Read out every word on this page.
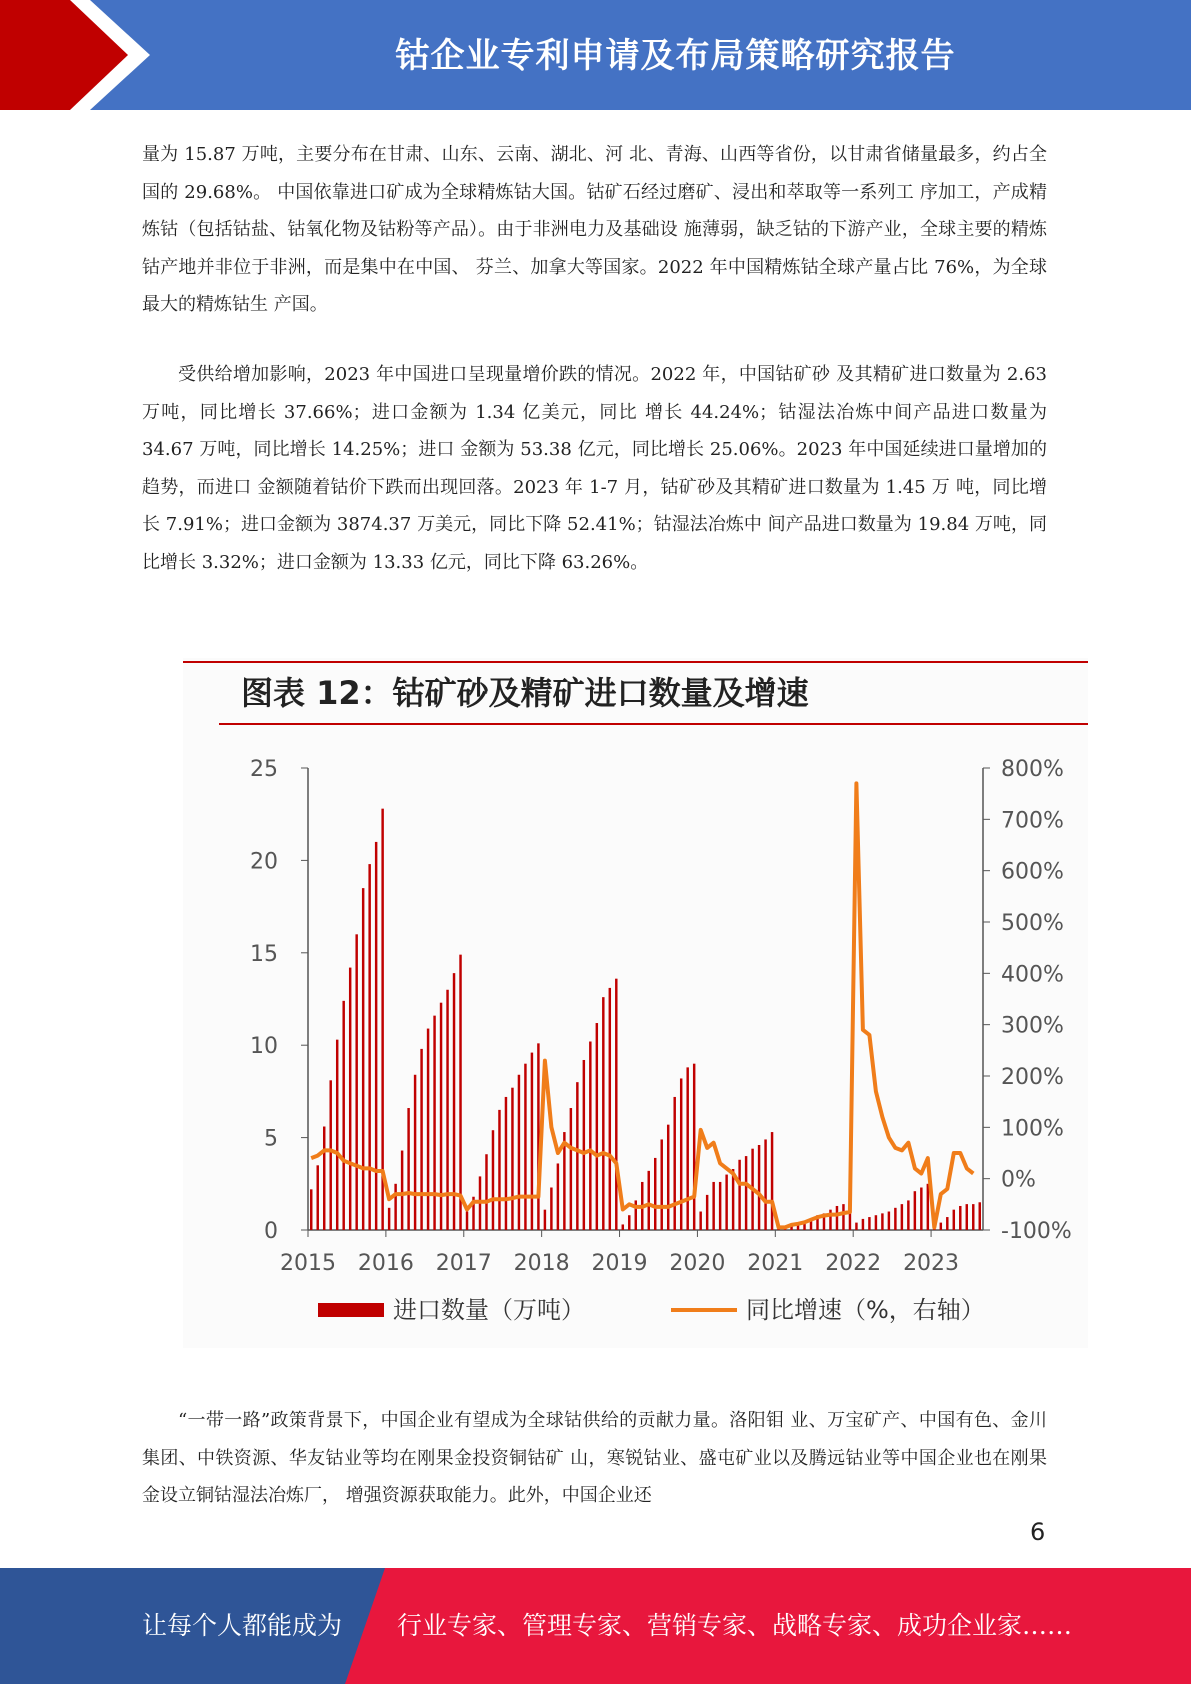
钴企业专利申请及布局策略研究报告

量为 15.87 万吨，主要分布在甘肃、山东、云南、湖北、河 北、青海、山西等省份，以甘肃省储量最多，约占全国的 29.68%。 中国依靠进口矿成为全球精炼钴大国。钴矿石经过磨矿、浸出和萃取等一系列工 序加工，产成精炼钴（包括钴盐、钴氧化物及钴粉等产品）。由于非洲电力及基础设 施薄弱，缺乏钴的下游产业，全球主要的精炼钴产地并非位于非洲，而是集中在中国、 芬兰、加拿大等国家。2022 年中国精炼钴全球产量占比 76%，为全球最大的精炼钴生 产国。

受供给增加影响，2023 年中国进口呈现量增价跌的情况。2022 年，中国钴矿砂 及其精矿进口数量为 2.63 万吨，同比增长 37.66%；进口金额为 1.34 亿美元，同比 增长 44.24%；钴湿法冶炼中间产品进口数量为 34.67 万吨，同比增长 14.25%；进口 金额为 53.38 亿元，同比增长 25.06%。2023 年中国延续进口量增加的趋势，而进口 金额随着钴价下跌而出现回落。2023 年 1-7 月，钴矿砂及其精矿进口数量为 1.45 万 吨，同比增长 7.91%；进口金额为 3874.37 万美元，同比下降 52.41%；钴湿法冶炼中 间产品进口数量为 19.84 万吨，同比增长 3.32%；进口金额为 13.33 亿元，同比下降 63.26%。

图表 12：钴矿砂及精矿进口数量及增速
0
5
10
15
20
25
-100%
0%
100%
200%
300%
400%
500%
600%
700%
800%
2015 2016 2017 2018 2019 2020 2021 2022 2023
进口数量（万吨）	同比增速（%，右轴）

“一带一路”政策背景下，中国企业有望成为全球钴供给的贡献力量。洛阳钼 业、万宝矿产、中国有色、金川集团、中铁资源、华友钴业等均在刚果金投资铜钴矿 山，寒锐钴业、盛屯矿业以及腾远钴业等中国企业也在刚果金设立铜钴湿法冶炼厂， 增强资源获取能力。此外，中国企业还

6
让每个人都能成为 行业专家、管理专家、营销专家、战略专家、成功企业家……
